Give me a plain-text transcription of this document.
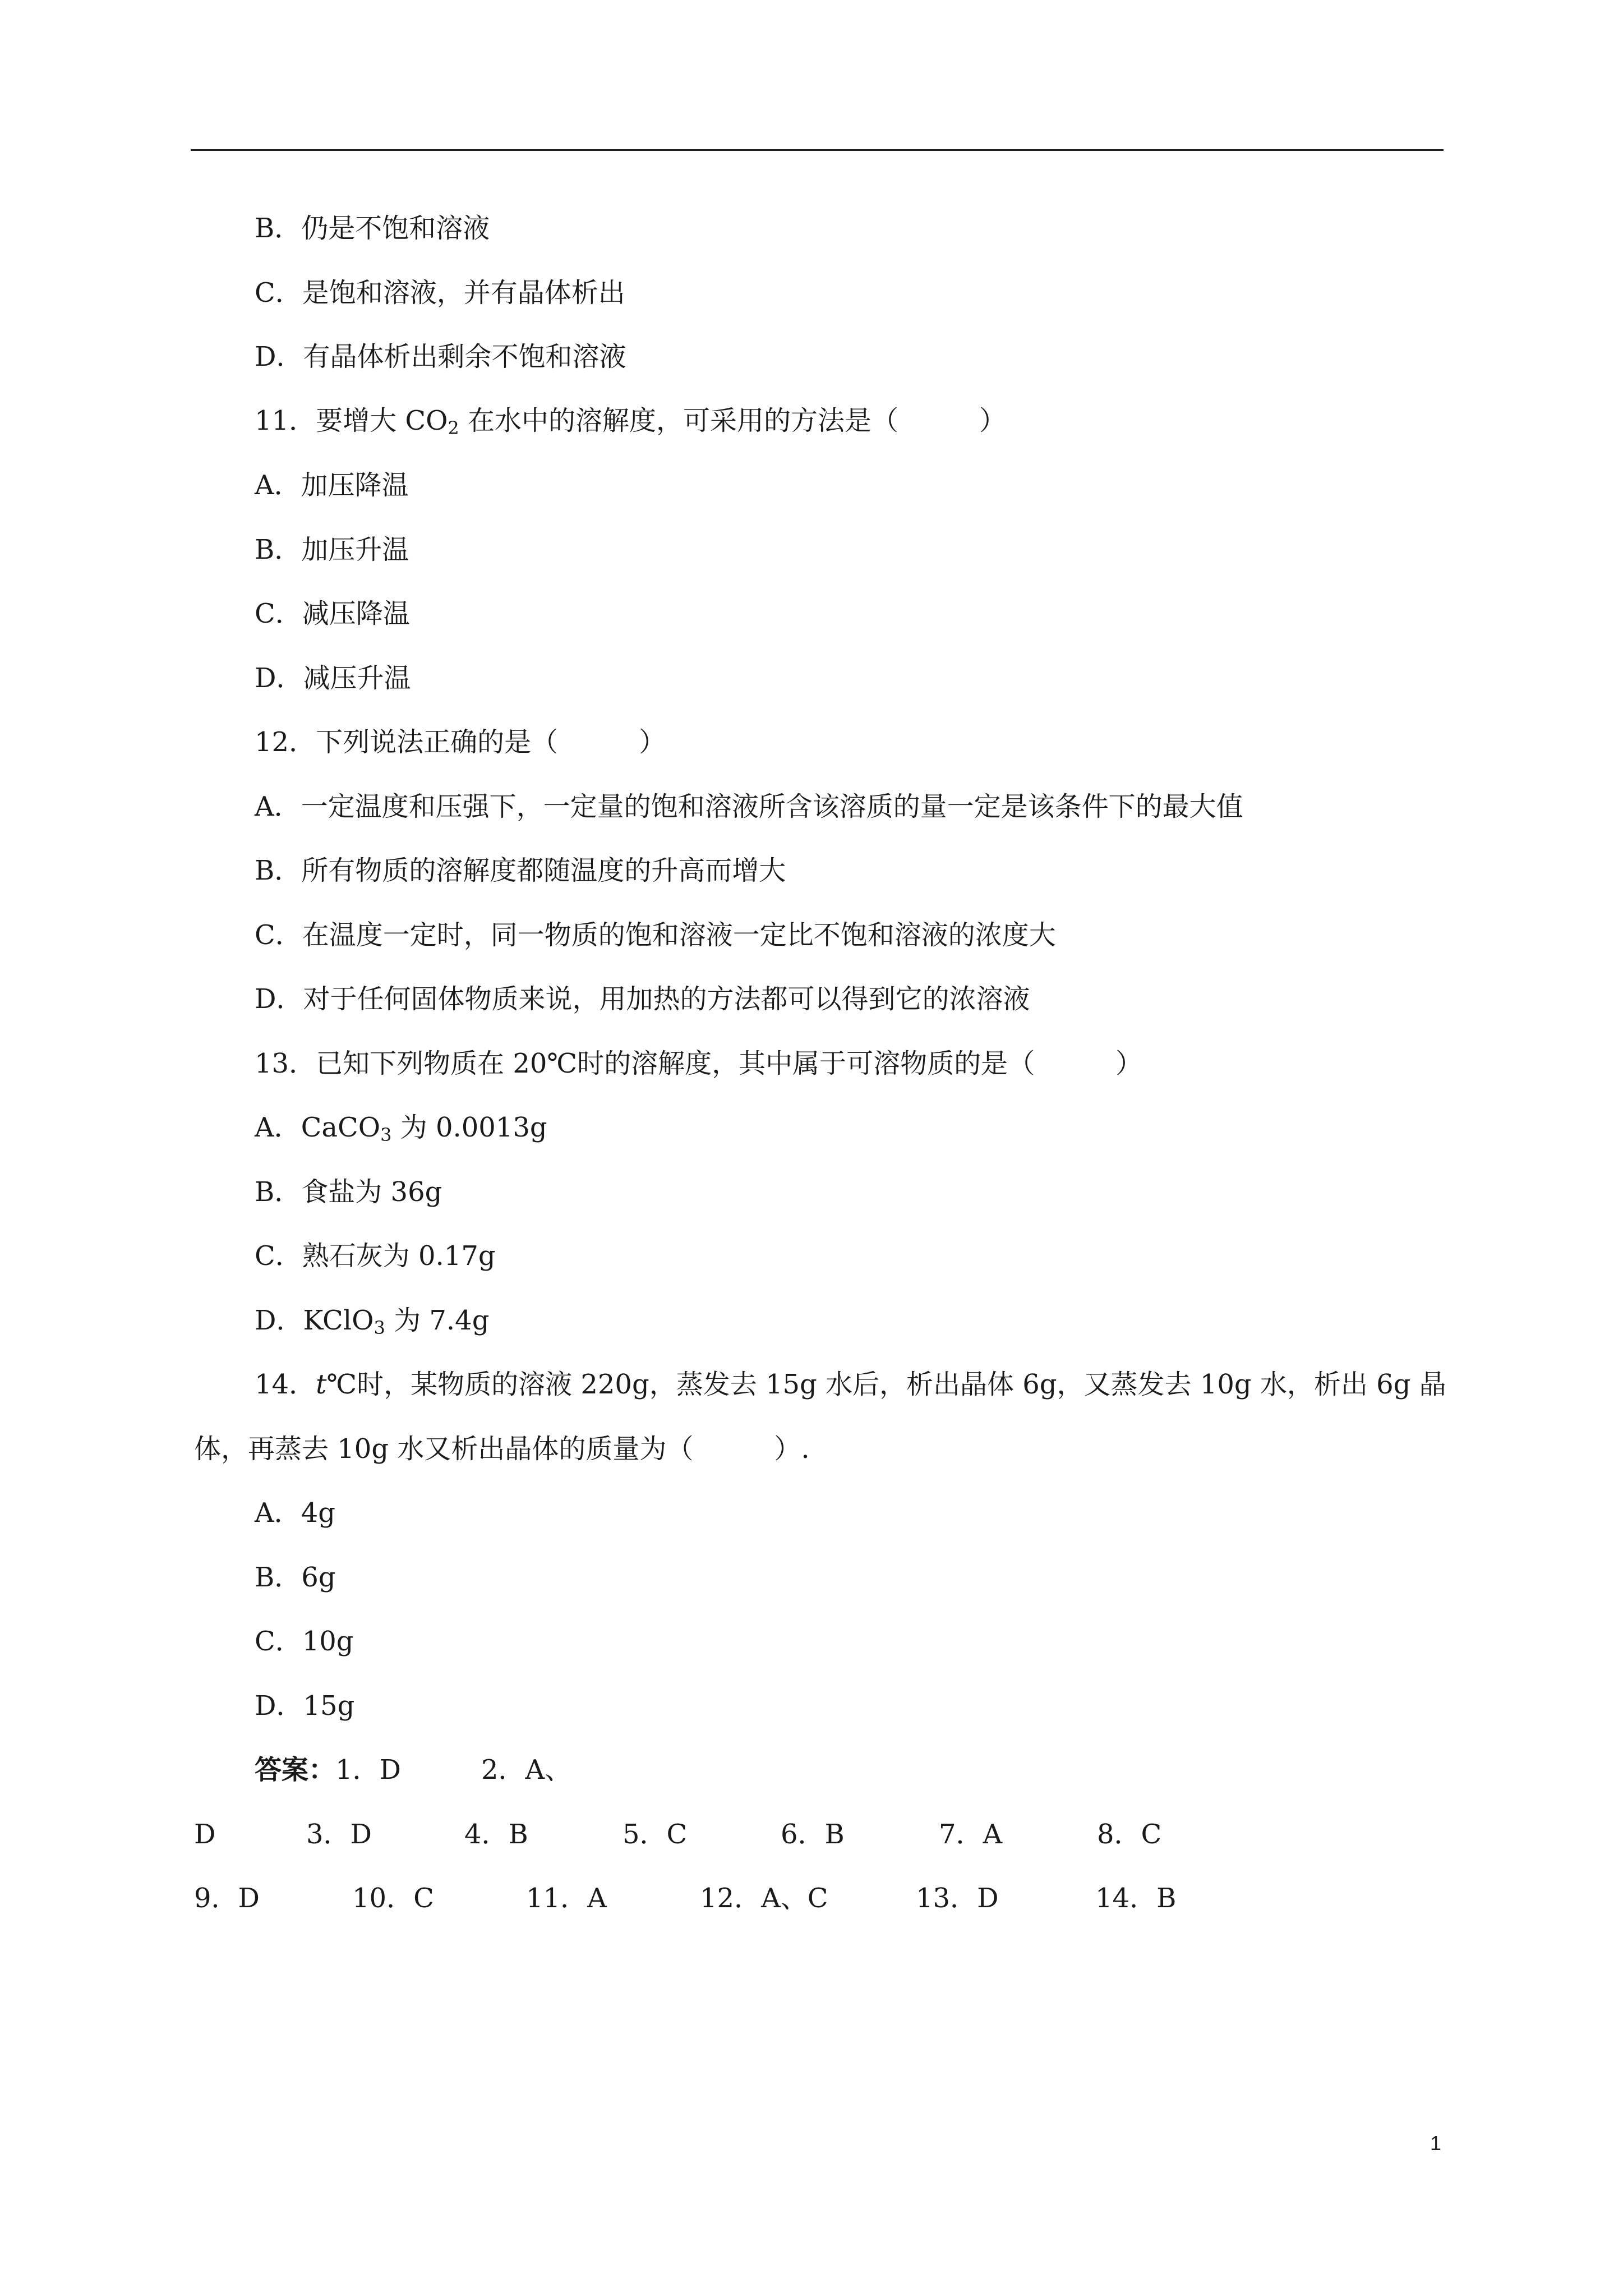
B．仍是不饱和溶液
C．是饱和溶液，并有晶体析出
D．有晶体析出剩余不饱和溶液
11．要增大 $CO_2$ 在水中的溶解度，可采用的方法是（　　　）
A．加压降温
B．加压升温
C．减压降温
D．减压升温
12．下列说法正确的是（　　　）
A．一定温度和压强下，一定量的饱和溶液所含该溶质的量一定是该条件下的最大值
B．所有物质的溶解度都随温度的升高而增大
C．在温度一定时，同一物质的饱和溶液一定比不饱和溶液的浓度大
D．对于任何固体物质来说，用加热的方法都可以得到它的浓溶液
13．已知下列物质在 20℃时的溶解度，其中属于可溶物质的是（　　　）
A．CaCO$_3$ 为 0.0013g
B．食盐为 36g
C．熟石灰为 0.17g
D．KClO$_3$ 为 7.4g
14．t℃时，某物质的溶液 220g，蒸发去 15g 水后，析出晶体 6g，又蒸发去 10g 水，析出 6g 晶
体，再蒸去 10g 水又析出晶体的质量为（　　　）.
A．4g
B．6g
C．10g
D．15g
答案：1．D	2．A、
D	3．D	4．B	5．C	6．B	7．A	8．C
9．D	10．C	11．A	12．A、C	13．D	14．B
1
